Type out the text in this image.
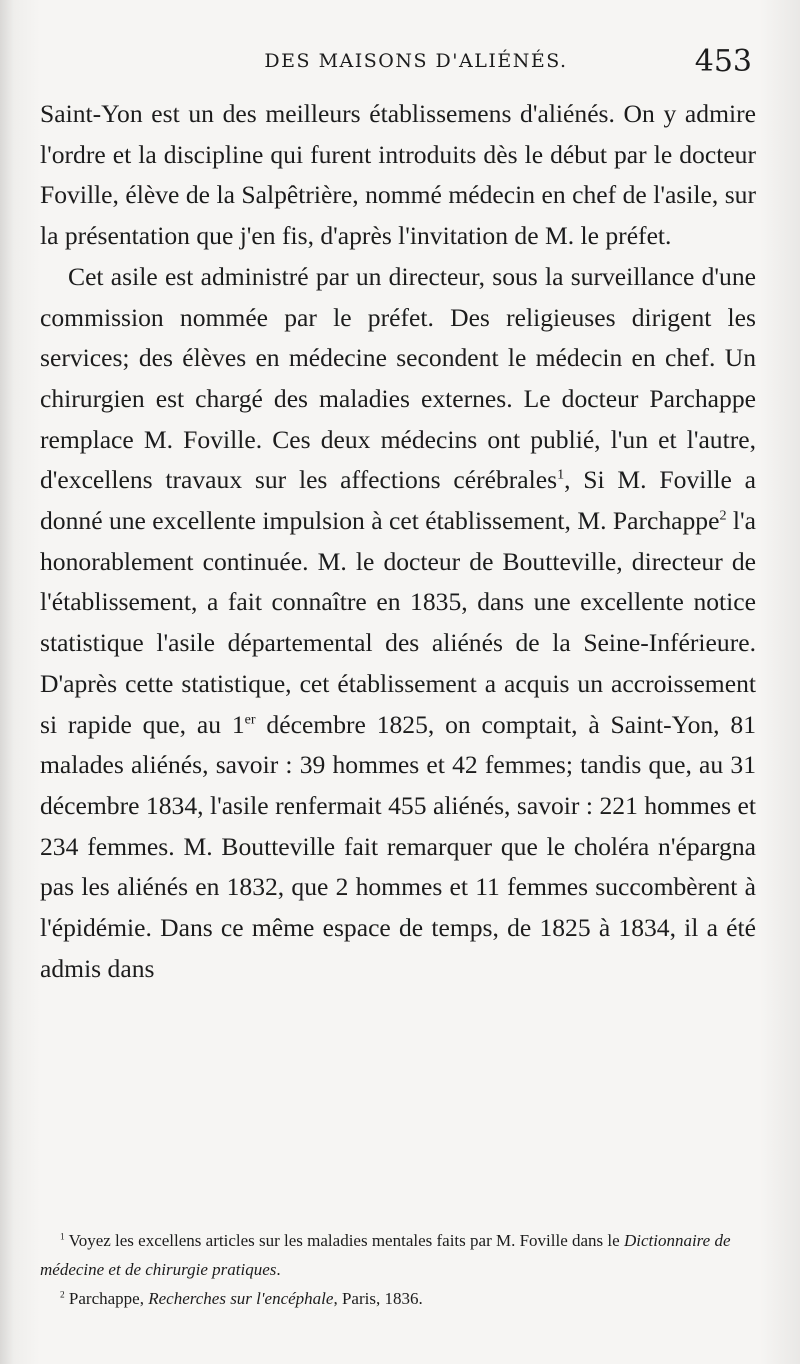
DES MAISONS D'ALIÉNÉS.	453

Saint-Yon est un des meilleurs établissemens d'aliénés. On y admire l'ordre et la discipline qui furent introduits dès le début par le docteur Foville, élève de la Salpêtrière, nommé médecin en chef de l'asile, sur la présentation que j'en fis, d'après l'invitation de M. le préfet.

Cet asile est administré par un directeur, sous la surveillance d'une commission nommée par le préfet. Des religieuses dirigent les services; des élèves en médecine secondent le médecin en chef. Un chirurgien est chargé des maladies externes. Le docteur Parchappe remplace M. Foville. Ces deux médecins ont publié, l'un et l'autre, d'excellens travaux sur les affections cérébrales$^1$, Si M. Foville a donné une excellente impulsion à cet établissement, M. Parchappe$^2$ l'a honorablement continuée. M. le docteur de Boutteville, directeur de l'établissement, a fait connaître en 1835, dans une excellente notice statistique l'asile départemental des aliénés de la Seine-Inférieure. D'après cette statistique, cet établissement a acquis un accroissement si rapide que, au 1er décembre 1825, on comptait, à Saint-Yon, 81 malades aliénés, savoir : 39 hommes et 42 femmes; tandis que, au 31 décembre 1834, l'asile renfermait 455 aliénés, savoir : 221 hommes et 234 femmes. M. Boutteville fait remarquer que le choléra n'épargna pas les aliénés en 1832, que 2 hommes et 11 femmes succombèrent à l'épidémie. Dans ce même espace de temps, de 1825 à 1834, il a été admis dans

$^1$ Voyez les excellens articles sur les maladies mentales faits par M. Foville dans le Dictionnaire de médecine et de chirurgie pratiques.

$^2$ Parchappe, Recherches sur l'encéphale, Paris, 1836.
